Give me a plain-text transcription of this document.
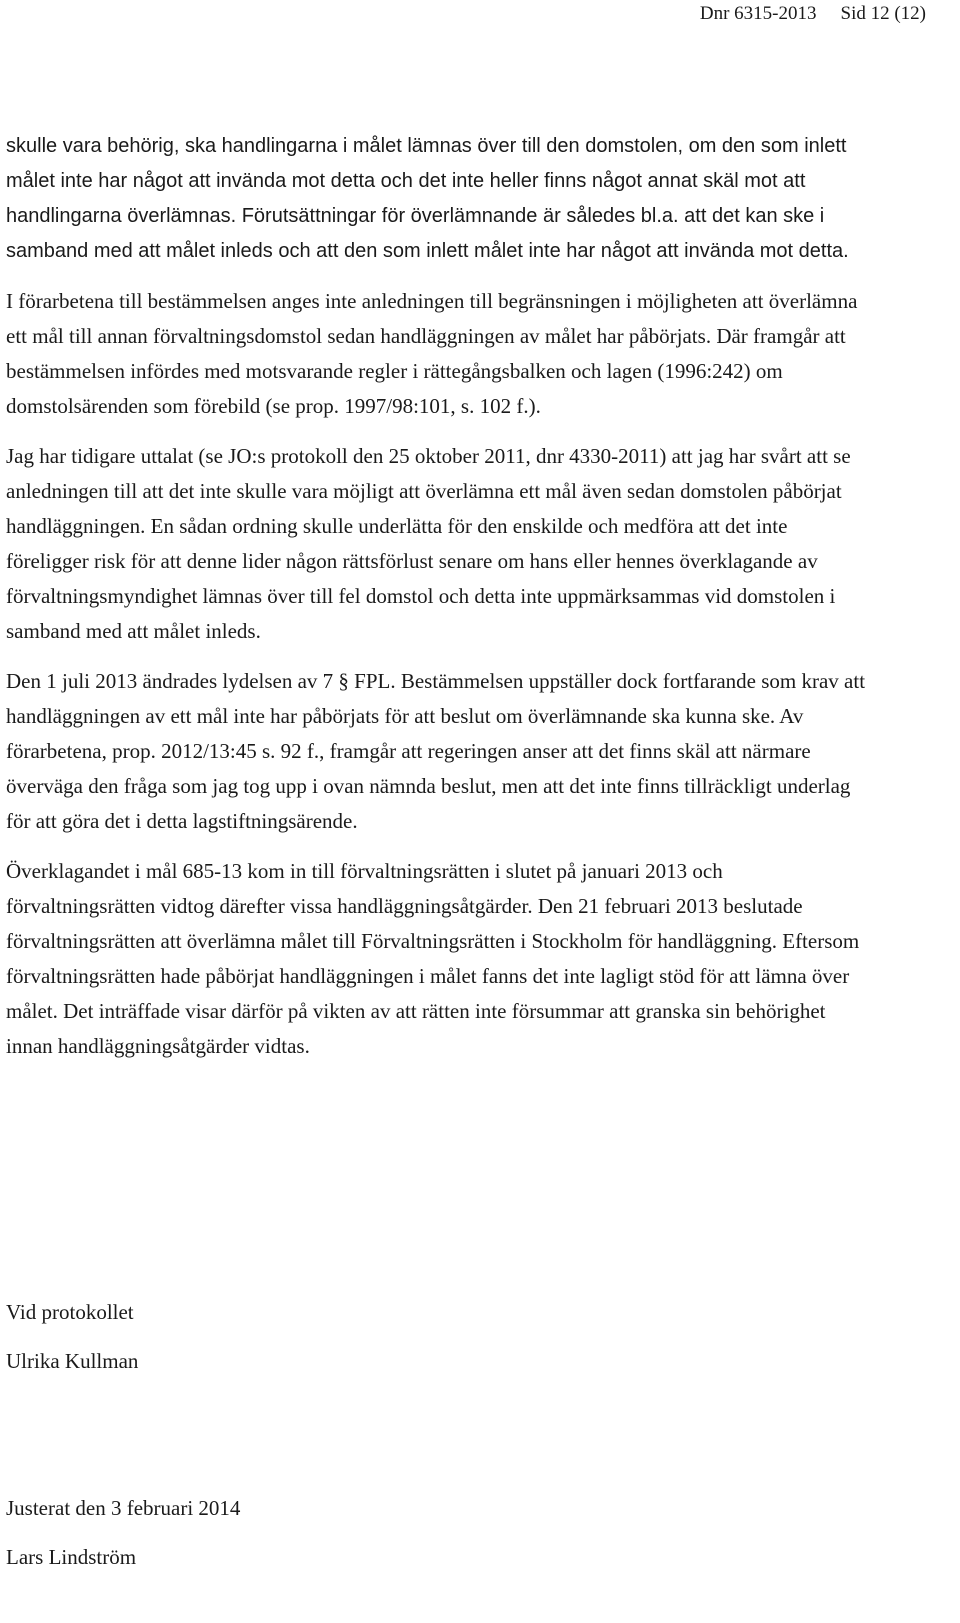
Dnr 6315-2013 Sid 12 (12)

skulle vara behörig, ska handlingarna i målet lämnas över till den domstolen, om den som inlett målet inte har något att invända mot detta och det inte heller finns något annat skäl mot att handlingarna överlämnas. Förutsättningar för överlämnande är således bl.a. att det kan ske i samband med att målet inleds och att den som inlett målet inte har något att invända mot detta.

I förarbetena till bestämmelsen anges inte anledningen till begränsningen i möjligheten att överlämna ett mål till annan förvaltningsdomstol sedan handläggningen av målet har påbörjats. Där framgår att bestämmelsen infördes med motsvarande regler i rättegångsbalken och lagen (1996:242) om domstolsärenden som förebild (se prop. 1997/98:101, s. 102 f.).

Jag har tidigare uttalat (se JO:s protokoll den 25 oktober 2011, dnr 4330-2011) att jag har svårt att se anledningen till att det inte skulle vara möjligt att överlämna ett mål även sedan domstolen påbörjat handläggningen. En sådan ordning skulle underlätta för den enskilde och medföra att det inte föreligger risk för att denne lider någon rättsförlust senare om hans eller hennes överklagande av förvaltningsmyndighet lämnas över till fel domstol och detta inte uppmärksammas vid domstolen i samband med att målet inleds.

Den 1 juli 2013 ändrades lydelsen av 7 § FPL. Bestämmelsen uppställer dock fortfarande som krav att handläggningen av ett mål inte har påbörjats för att beslut om överlämnande ska kunna ske. Av förarbetena, prop. 2012/13:45 s. 92 f., framgår att regeringen anser att det finns skäl att närmare överväga den fråga som jag tog upp i ovan nämnda beslut, men att det inte finns tillräckligt underlag för att göra det i detta lagstiftningsärende.

Överklagandet i mål 685-13 kom in till förvaltningsrätten i slutet på januari 2013 och förvaltningsrätten vidtog därefter vissa handläggningsåtgärder. Den 21 februari 2013 beslutade förvaltningsrätten att överlämna målet till Förvaltningsrätten i Stockholm för handläggning. Eftersom förvaltningsrätten hade påbörjat handläggningen i målet fanns det inte lagligt stöd för att lämna över målet. Det inträffade visar därför på vikten av att rätten inte försummar att granska sin behörighet innan handläggningsåtgärder vidtas.

Vid protokollet
Ulrika Kullman
Justerat den 3 februari 2014
Lars Lindström
